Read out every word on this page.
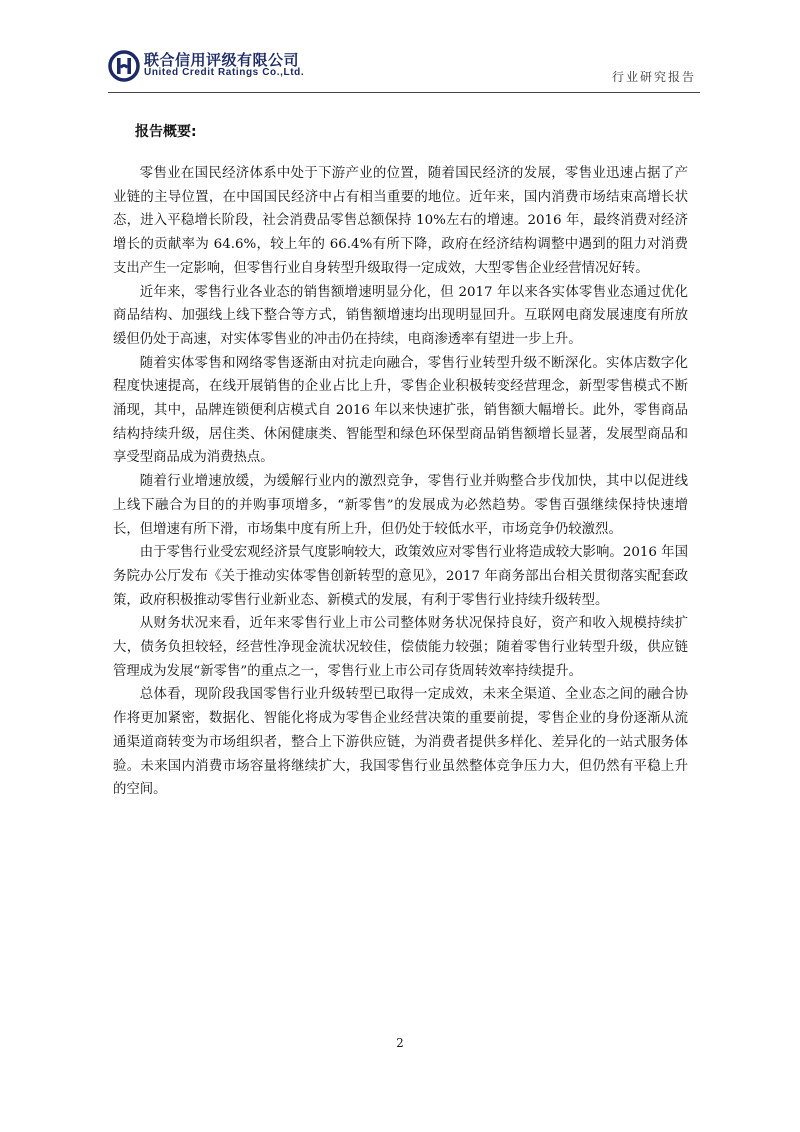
联合信用评级有限公司
United Credit Ratings Co.,Ltd.	行业研究报告
报告概要:

零售业在国民经济体系中处于下游产业的位置，随着国民经济的发展，零售业迅速占据了产业链的主导位置，在中国国民经济中占有相当重要的地位。近年来，国内消费市场结束高增长状态，进入平稳增长阶段，社会消费品零售总额保持 10%左右的增速。2016 年，最终消费对经济增长的贡献率为 64.6%，较上年的 66.4%有所下降，政府在经济结构调整中遇到的阻力对消费支出产生一定影响，但零售行业自身转型升级取得一定成效，大型零售企业经营情况好转。

近年来，零售行业各业态的销售额增速明显分化，但 2017 年以来各实体零售业态通过优化商品结构、加强线上线下整合等方式，销售额增速均出现明显回升。互联网电商发展速度有所放缓但仍处于高速，对实体零售业的冲击仍在持续，电商渗透率有望进一步上升。

随着实体零售和网络零售逐渐由对抗走向融合，零售行业转型升级不断深化。实体店数字化程度快速提高，在线开展销售的企业占比上升，零售企业积极转变经营理念，新型零售模式不断涌现，其中，品牌连锁便利店模式自 2016 年以来快速扩张，销售额大幅增长。此外，零售商品结构持续升级，居住类、休闲健康类、智能型和绿色环保型商品销售额增长显著，发展型商品和享受型商品成为消费热点。

随着行业增速放缓，为缓解行业内的激烈竞争，零售行业并购整合步伐加快，其中以促进线上线下融合为目的的并购事项增多，“新零售”的发展成为必然趋势。零售百强继续保持快速增长，但增速有所下滑，市场集中度有所上升，但仍处于较低水平，市场竞争仍较激烈。

由于零售行业受宏观经济景气度影响较大，政策效应对零售行业将造成较大影响。2016 年国务院办公厅发布《关于推动实体零售创新转型的意见》，2017 年商务部出台相关贯彻落实配套政策，政府积极推动零售行业新业态、新模式的发展，有利于零售行业持续升级转型。

从财务状况来看，近年来零售行业上市公司整体财务状况保持良好，资产和收入规模持续扩大，债务负担较轻，经营性净现金流状况较佳，偿债能力较强；随着零售行业转型升级，供应链管理成为发展“新零售”的重点之一，零售行业上市公司存货周转效率持续提升。

总体看，现阶段我国零售行业升级转型已取得一定成效，未来全渠道、全业态之间的融合协作将更加紧密，数据化、智能化将成为零售企业经营决策的重要前提，零售企业的身份逐渐从流通渠道商转变为市场组织者，整合上下游供应链，为消费者提供多样化、差异化的一站式服务体验。未来国内消费市场容量将继续扩大，我国零售行业虽然整体竞争压力大，但仍然有平稳上升的空间。

2
